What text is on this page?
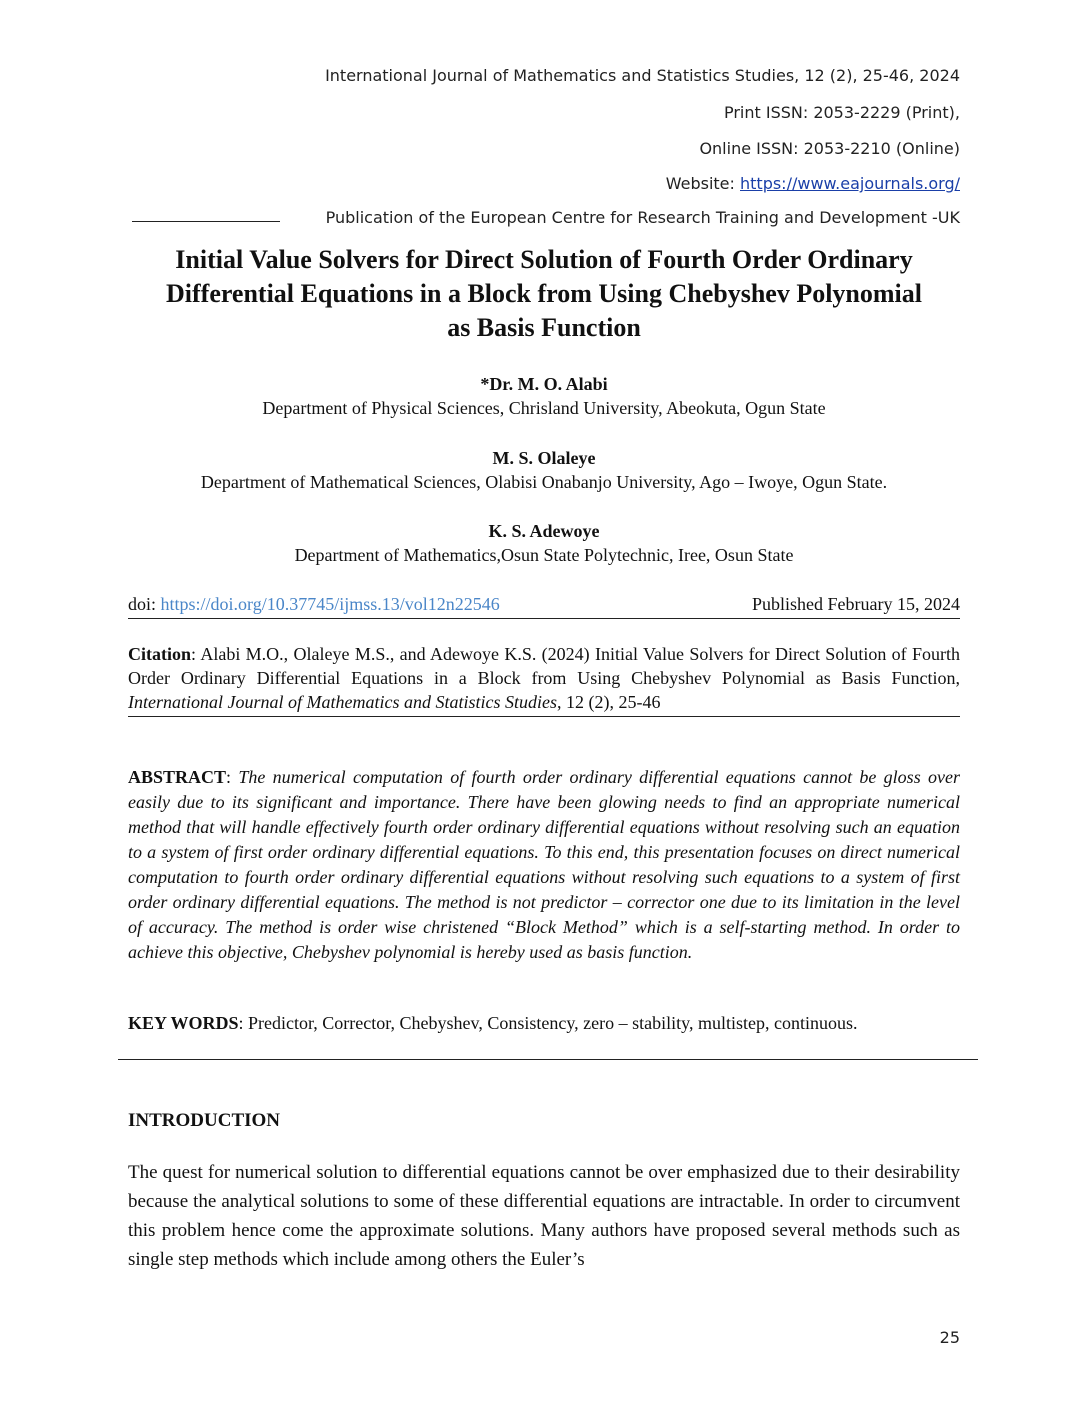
International Journal of Mathematics and Statistics Studies, 12 (2), 25-46, 2024
Print ISSN: 2053-2229 (Print),
Online ISSN: 2053-2210 (Online)
Website: https://www.eajournals.org/
Publication of the European Centre for Research Training and Development -UK
Initial Value Solvers for Direct Solution of Fourth Order Ordinary
Differential Equations in a Block from Using Chebyshev Polynomial
as Basis Function
*Dr. M. O. Alabi
Department of Physical Sciences, Chrisland University, Abeokuta, Ogun State
M. S. Olaleye
Department of Mathematical Sciences, Olabisi Onabanjo University, Ago – Iwoye, Ogun State.
K. S. Adewoye
Department of Mathematics,Osun State Polytechnic, Iree, Osun State
doi: https://doi.org/10.37745/ijmss.13/vol12n22546	Published February 15, 2024
Citation: Alabi M.O., Olaleye M.S., and Adewoye K.S. (2024) Initial Value Solvers for Direct Solution of Fourth Order Ordinary Differential Equations in a Block from Using Chebyshev Polynomial as Basis Function, International Journal of Mathematics and Statistics Studies, 12 (2), 25-46
ABSTRACT: The numerical computation of fourth order ordinary differential equations cannot be gloss over easily due to its significant and importance. There have been glowing needs to find an appropriate numerical method that will handle effectively fourth order ordinary differential equations without resolving such an equation to a system of first order ordinary differential equations. To this end, this presentation focuses on direct numerical computation to fourth order ordinary differential equations without resolving such equations to a system of first order ordinary differential equations. The method is not predictor – corrector one due to its limitation in the level of accuracy. The method is order wise christened “Block Method” which is a self-starting method. In order to achieve this objective, Chebyshev polynomial is hereby used as basis function.
KEY WORDS: Predictor, Corrector, Chebyshev, Consistency, zero – stability, multistep, continuous.
INTRODUCTION
The quest for numerical solution to differential equations cannot be over emphasized due to their desirability because the analytical solutions to some of these differential equations are intractable. In order to circumvent this problem hence come the approximate solutions. Many authors have proposed several methods such as single step methods which include among others the Euler’s
25
